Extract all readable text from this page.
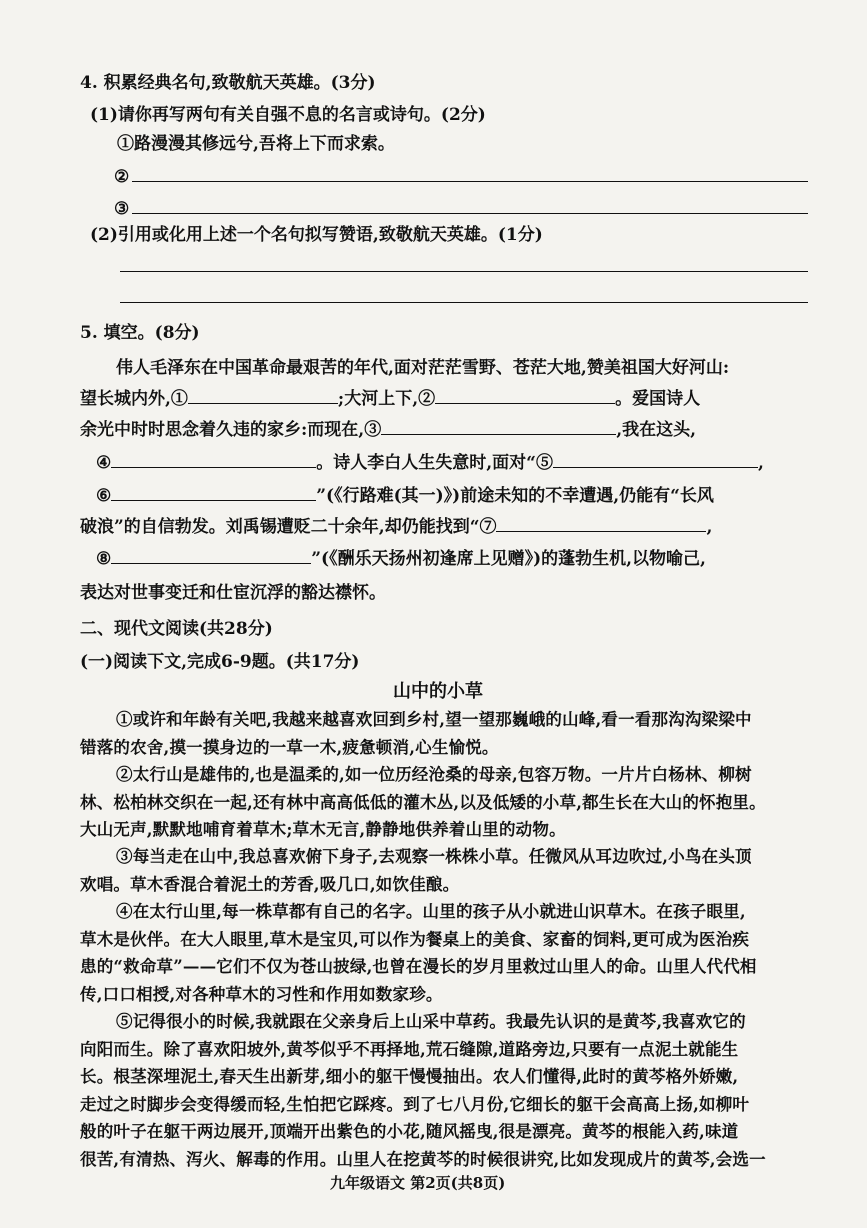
4. 积累经典名句,致敬航天英雄。(3分)
(1)请你再写两句有关自强不息的名言或诗句。(2分)
①路漫漫其修远兮,吾将上下而求索。
②
③
(2)引用或化用上述一个名句拟写赞语,致敬航天英雄。(1分)
5. 填空。(8分)
伟人毛泽东在中国革命最艰苦的年代,面对茫茫雪野、苍茫大地,赞美祖国大好河山:
望长城内外,①	;大河上下,②	。爱国诗人
余光中时时思念着久违的家乡:而现在,③	,我在这头,
④	。诗人李白人生失意时,面对“⑤	,
⑥	”(《行路难(其一)》)前途未知的不幸遭遇,仍能有“长风
破浪”的自信勃发。刘禹锡遭贬二十余年,却仍能找到“⑦	,
⑧	”(《酬乐天扬州初逢席上见赠》)的蓬勃生机,以物喻己,
表达对世事变迁和仕宦沉浮的豁达襟怀。
二、现代文阅读(共28分)
(一)阅读下文,完成6-9题。(共17分)
山中的小草
①或许和年龄有关吧,我越来越喜欢回到乡村,望一望那巍峨的山峰,看一看那沟沟梁梁中
错落的农舍,摸一摸身边的一草一木,疲惫顿消,心生愉悦。
②太行山是雄伟的,也是温柔的,如一位历经沧桑的母亲,包容万物。一片片白杨林、柳树
林、松柏林交织在一起,还有林中高高低低的灌木丛,以及低矮的小草,都生长在大山的怀抱里。
大山无声,默默地哺育着草木;草木无言,静静地供养着山里的动物。
③每当走在山中,我总喜欢俯下身子,去观察一株株小草。任微风从耳边吹过,小鸟在头顶
欢唱。草木香混合着泥土的芳香,吸几口,如饮佳酿。
④在太行山里,每一株草都有自己的名字。山里的孩子从小就进山识草木。在孩子眼里,
草木是伙伴。在大人眼里,草木是宝贝,可以作为餐桌上的美食、家畜的饲料,更可成为医治疾
患的“救命草”——它们不仅为苍山披绿,也曾在漫长的岁月里救过山里人的命。山里人代代相
传,口口相授,对各种草木的习性和作用如数家珍。
⑤记得很小的时候,我就跟在父亲身后上山采中草药。我最先认识的是黄芩,我喜欢它的
向阳而生。除了喜欢阳坡外,黄芩似乎不再择地,荒石缝隙,道路旁边,只要有一点泥土就能生
长。根茎深埋泥土,春天生出新芽,细小的躯干慢慢抽出。农人们懂得,此时的黄芩格外娇嫩,
走过之时脚步会变得缓而轻,生怕把它踩疼。到了七八月份,它细长的躯干会高高上扬,如柳叶
般的叶子在躯干两边展开,顶端开出紫色的小花,随风摇曳,很是漂亮。黄芩的根能入药,味道
很苦,有清热、泻火、解毒的作用。山里人在挖黄芩的时候很讲究,比如发现成片的黄芩,会选一
九年级语文 第2页(共8页)
